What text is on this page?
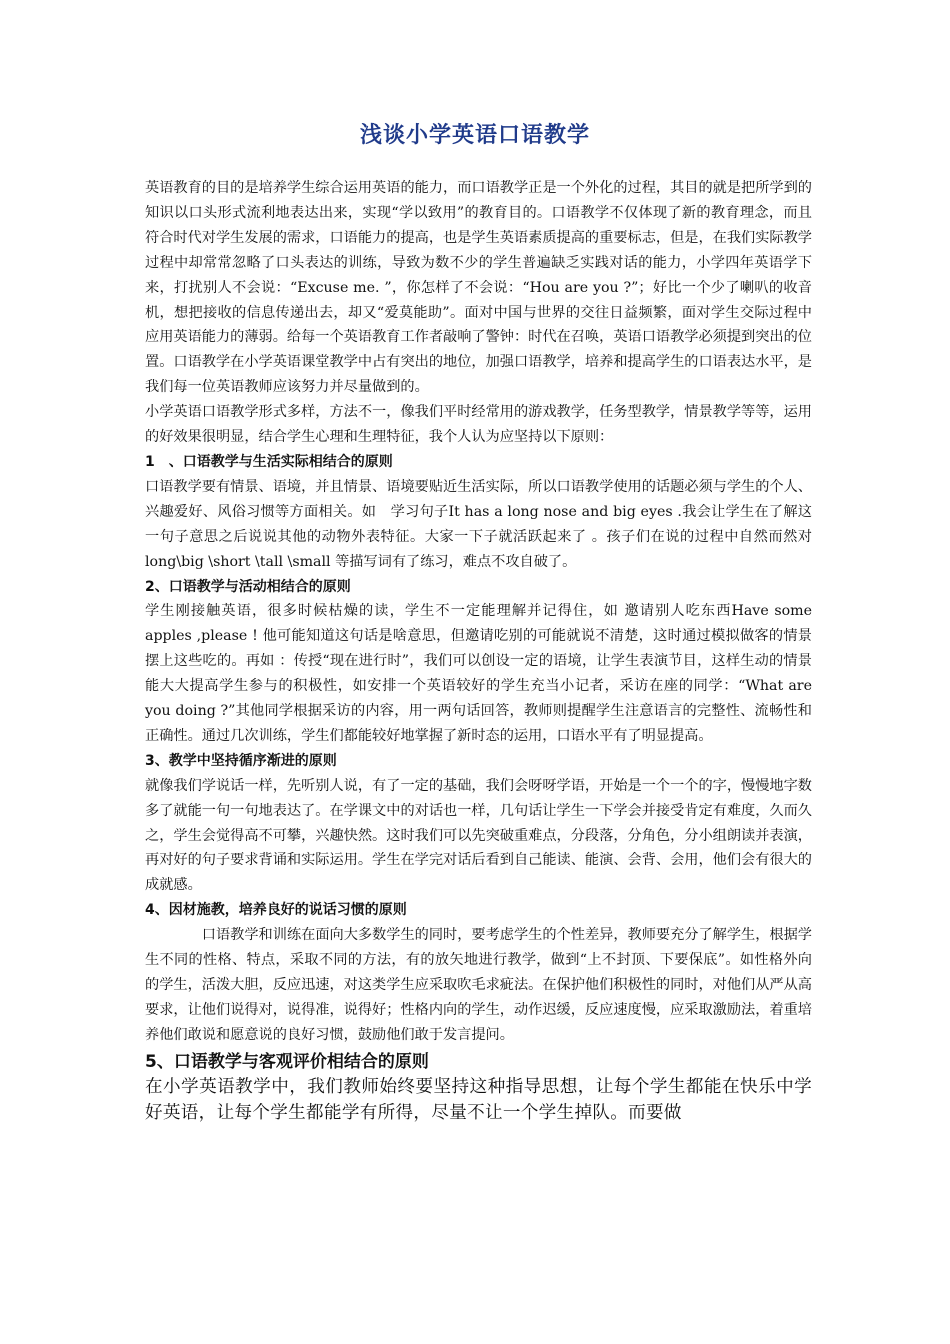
浅谈小学英语口语教学

英语教育的目的是培养学生综合运用英语的能力，而口语教学正是一个外化的过程，其目的就是把所学到的知识以口头形式流利地表达出来，实现“学以致用”的教育目的。口语教学不仅体现了新的教育理念，而且符合时代对学生发展的需求，口语能力的提高，也是学生英语素质提高的重要标志，但是，在我们实际教学过程中却常常忽略了口头表达的训练，导致为数不少的学生普遍缺乏实践对话的能力，小学四年英语学下来，打扰别人不会说：“Excuse me. ”，你怎样了不会说：“Hou are you ?”；好比一个少了喇叭的收音机，想把接收的信息传递出去，却又“爱莫能助”。面对中国与世界的交往日益频繁，面对学生交际过程中应用英语能力的薄弱。给每一个英语教育工作者敲响了警钟：时代在召唤，英语口语教学必须提到突出的位置。口语教学在小学英语课堂教学中占有突出的地位，加强口语教学，培养和提高学生的口语表达水平，是我们每一位英语教师应该努力并尽量做到的。

小学英语口语教学形式多样，方法不一，像我们平时经常用的游戏教学，任务型教学，情景教学等等，运用的好效果很明显，结合学生心理和生理特征，我个人认为应坚持以下原则：

1　、口语教学与生活实际相结合的原则

口语教学要有情景、语境，并且情景、语境要贴近生活实际，所以口语教学使用的话题必须与学生的个人、兴趣爱好、风俗习惯等方面相关。如　学习句子It has a long nose and big eyes .我会让学生在了解这一句子意思之后说说其他的动物外表特征。大家一下子就活跃起来了 。孩子们在说的过程中自然而然对long\big \short \tall \small 等描写词有了练习，难点不攻自破了。

2、口语教学与活动相结合的原则

学生刚接触英语，很多时候枯燥的读，学生不一定能理解并记得住，如 邀请别人吃东西Have some apples ,please ! 他可能知道这句话是啥意思，但邀请吃别的可能就说不清楚，这时通过模拟做客的情景 摆上这些吃的。再如 ：传授“现在进行时”，我们可以创设一定的语境，让学生表演节目，这样生动的情景能大大提高学生参与的积极性，如安排一个英语较好的学生充当小记者，采访在座的同学：“What are you doing ?”其他同学根据采访的内容，用一两句话回答，教师则提醒学生注意语言的完整性、流畅性和正确性。通过几次训练，学生们都能较好地掌握了新时态的运用，口语水平有了明显提高。

3、教学中坚持循序渐进的原则

就像我们学说话一样，先听别人说，有了一定的基础，我们会呀呀学语，开始是一个一个的字，慢慢地字数多了就能一句一句地表达了。在学课文中的对话也一样，几句话让学生一下学会并接受肯定有难度，久而久之，学生会觉得高不可攀，兴趣快然。这时我们可以先突破重难点，分段落，分角色，分小组朗读并表演，再对好的句子要求背诵和实际运用。学生在学完对话后看到自己能读、能演、会背、会用，他们会有很大的成就感。

4、因材施教，培养良好的说话习惯的原则

口语教学和训练在面向大多数学生的同时，要考虑学生的个性差异，教师要充分了解学生，根据学生不同的性格、特点，采取不同的方法，有的放矢地进行教学，做到“上不封顶、下要保底”。如性格外向的学生，活泼大胆，反应迅速，对这类学生应采取吹毛求疵法。在保护他们积极性的同时，对他们从严从高要求，让他们说得对，说得准，说得好；性格内向的学生，动作迟缓，反应速度慢，应采取激励法，着重培养他们敢说和愿意说的良好习惯，鼓励他们敢于发言提问。

5、口语教学与客观评价相结合的原则

在小学英语教学中，我们教师始终要坚持这种指导思想，让每个学生都能在快乐中学好英语，让每个学生都能学有所得，尽量不让一个学生掉队。而要做
